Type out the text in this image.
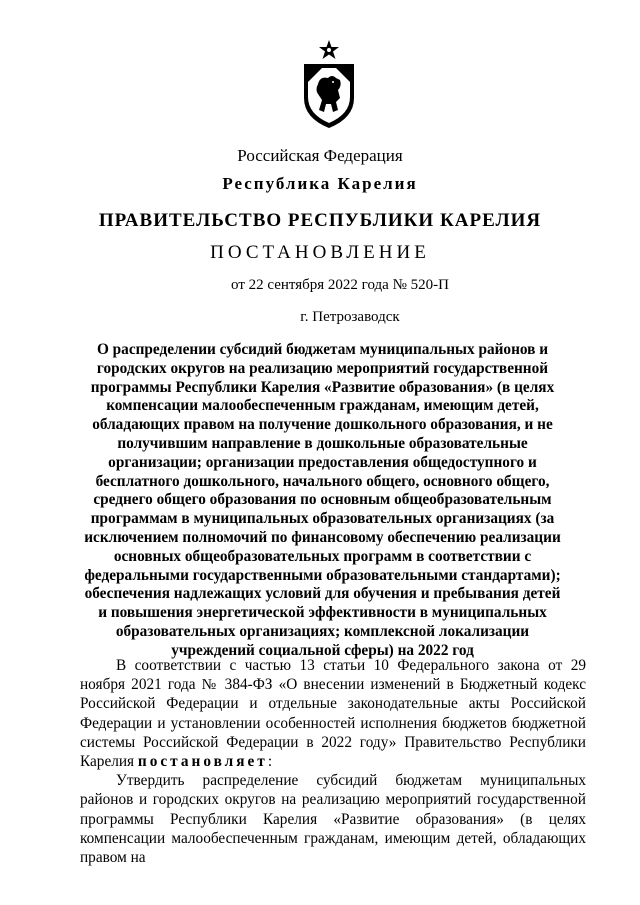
Российская Федерация
Республика Карелия
ПРАВИТЕЛЬСТВО РЕСПУБЛИКИ КАРЕЛИЯ
ПОСТАНОВЛЕНИЕ
от 22 сентября 2022 года № 520-П
г. Петрозаводск
О распределении субсидий бюджетам муниципальных районов и городских округов на реализацию мероприятий государственной программы Республики Карелия «Развитие образования» (в целях компенсации малообеспеченным гражданам, имеющим детей, обладающих правом на получение дошкольного образования, и не получившим направление в дошкольные образовательные организации; организации предоставления общедоступного и бесплатного дошкольного, начального общего, основного общего, среднего общего образования по основным общеобразовательным программам в муниципальных образовательных организациях (за исключением полномочий по финансовому обеспечению реализации основных общеобразовательных программ в соответствии с федеральными государственными образовательными стандартами); обеспечения надлежащих условий для обучения и пребывания детей и повышения энергетической эффективности в муниципальных образовательных организациях; комплексной локализации учреждений социальной сферы) на 2022 год

В соответствии с частью 13 статьи 10 Федерального закона от 29 ноября 2021 года № 384-ФЗ «О внесении изменений в Бюджетный кодекс Российской Федерации и отдельные законодательные акты Российской Федерации и установлении особенностей исполнения бюджетов бюджетной системы Российской Федерации в 2022 году» Правительство Республики Карелия постановляет:

Утвердить распределение субсидий бюджетам муниципальных районов и городских округов на реализацию мероприятий государственной программы Республики Карелия «Развитие образования» (в целях компенсации малообеспеченным гражданам, имеющим детей, обладающих правом на
